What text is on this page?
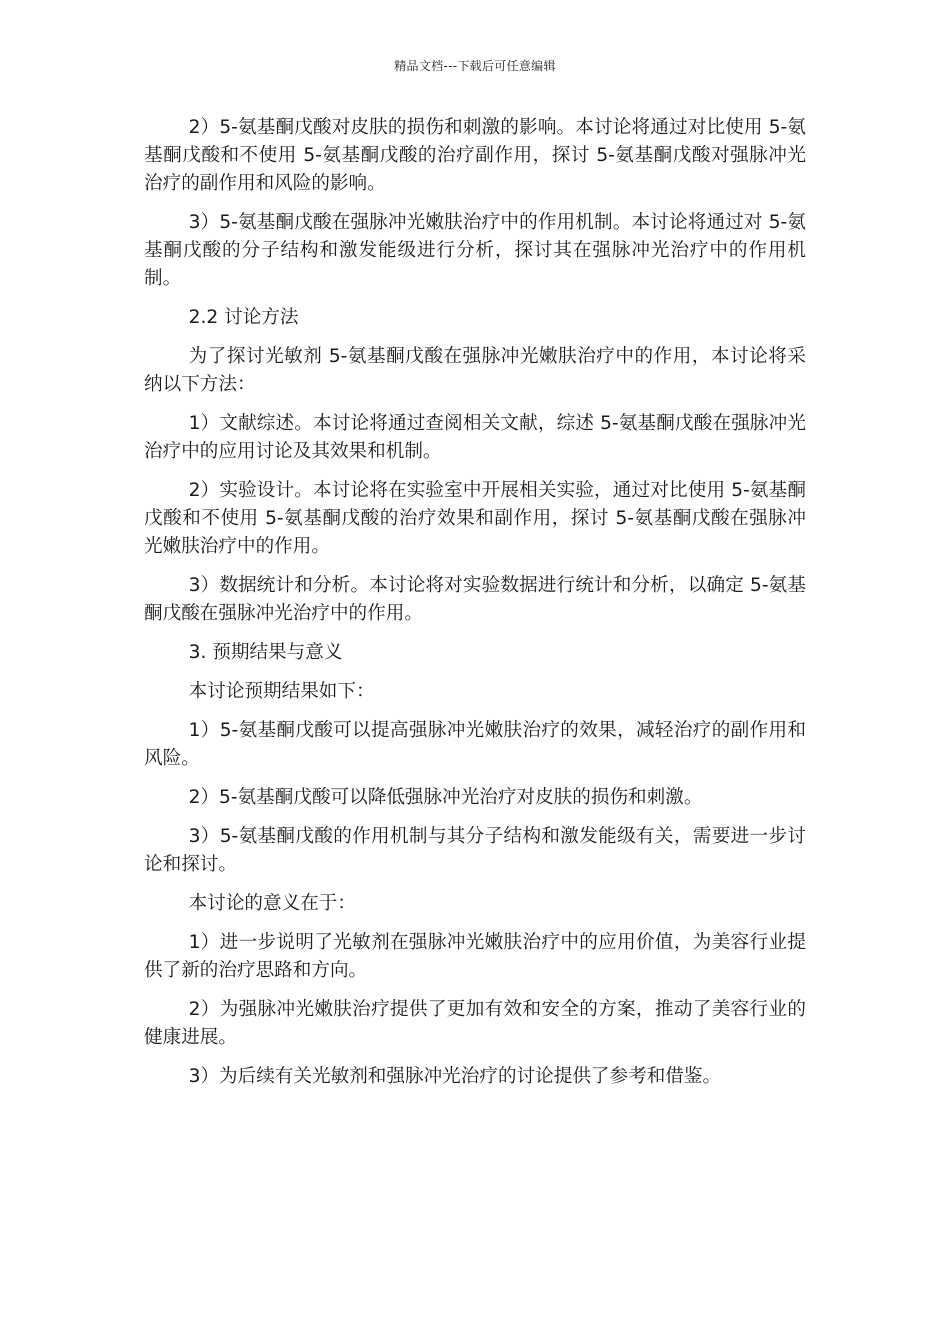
精品文档---下载后可任意编辑

2）5-氨基酮戊酸对皮肤的损伤和刺激的影响。本讨论将通过对比使用 5-氨基酮戊酸和不使用 5-氨基酮戊酸的治疗副作用，探讨 5-氨基酮戊酸对强脉冲光治疗的副作用和风险的影响。

3）5-氨基酮戊酸在强脉冲光嫩肤治疗中的作用机制。本讨论将通过对 5-氨基酮戊酸的分子结构和激发能级进行分析，探讨其在强脉冲光治疗中的作用机制。

2.2 讨论方法

为了探讨光敏剂 5-氨基酮戊酸在强脉冲光嫩肤治疗中的作用，本讨论将采纳以下方法：

1）文献综述。本讨论将通过查阅相关文献，综述 5-氨基酮戊酸在强脉冲光治疗中的应用讨论及其效果和机制。

2）实验设计。本讨论将在实验室中开展相关实验，通过对比使用 5-氨基酮戊酸和不使用 5-氨基酮戊酸的治疗效果和副作用，探讨 5-氨基酮戊酸在强脉冲光嫩肤治疗中的作用。

3）数据统计和分析。本讨论将对实验数据进行统计和分析，以确定 5-氨基酮戊酸在强脉冲光治疗中的作用。

3. 预期结果与意义

本讨论预期结果如下：

1）5-氨基酮戊酸可以提高强脉冲光嫩肤治疗的效果，减轻治疗的副作用和风险。

2）5-氨基酮戊酸可以降低强脉冲光治疗对皮肤的损伤和刺激。

3）5-氨基酮戊酸的作用机制与其分子结构和激发能级有关，需要进一步讨论和探讨。

本讨论的意义在于：

1）进一步说明了光敏剂在强脉冲光嫩肤治疗中的应用价值，为美容行业提供了新的治疗思路和方向。

2）为强脉冲光嫩肤治疗提供了更加有效和安全的方案，推动了美容行业的健康进展。

3）为后续有关光敏剂和强脉冲光治疗的讨论提供了参考和借鉴。
